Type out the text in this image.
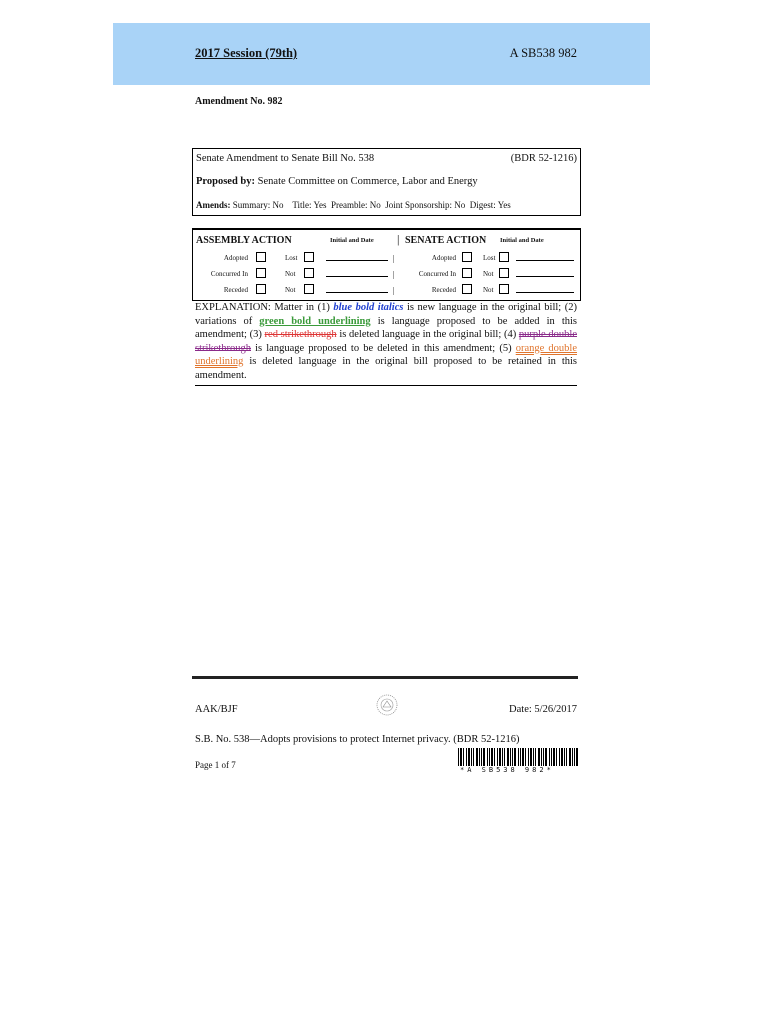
2017 Session (79th)	A SB538 982
Amendment No. 982
Senate Amendment to Senate Bill No. 538	(BDR 52-1216)
Proposed by: Senate Committee on Commerce, Labor and Energy
Amends: Summary: No    Title: Yes  Preamble: No  Joint Sponsorship: No  Digest: Yes
ASSEMBLY ACTION	Initial and Date | SENATE ACTION Initial and Date
Adopted	Lost	|	Adopted	Lost
Concurred In	Not	|	Concurred In	Not
Receded	Not	|	Receded	Not
EXPLANATION: Matter in (1) blue bold italics is new language in the original bill; (2) variations of green bold underlining is language proposed to be added in this amendment; (3) red strikethrough is deleted language in the original bill; (4) purple double strikethrough is language proposed to be deleted in this amendment; (5) orange double underlining is deleted language in the original bill proposed to be retained in this amendment.
AAK/BJF	Date: 5/26/2017
S.B. No. 538—Adopts provisions to protect Internet privacy. (BDR 52-1216)
Page 1 of 7	*A SB538 982*
